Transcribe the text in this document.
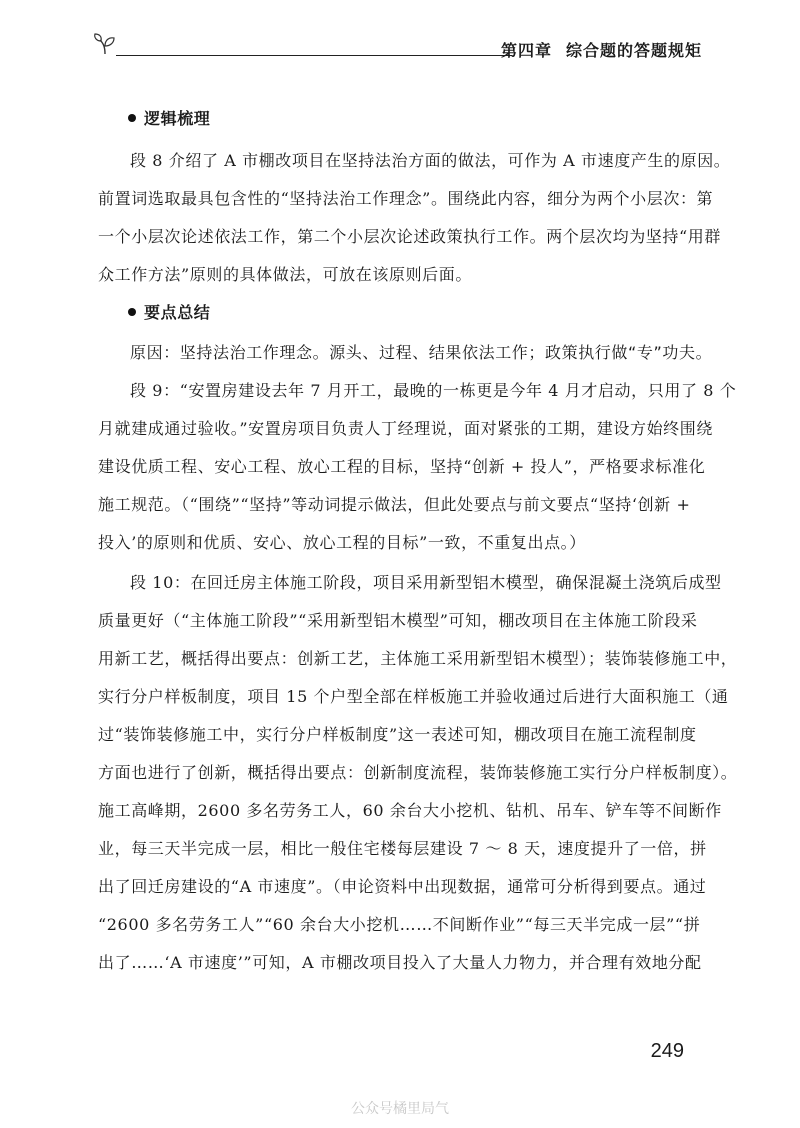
第四章 综合题的答题规矩
逻辑梳理
段 8 介绍了 A 市棚改项目在坚持法治方面的做法，可作为 A 市速度产生的原因。
前置词选取最具包含性的“坚持法治工作理念”。围绕此内容，细分为两个小层次：第
一个小层次论述依法工作，第二个小层次论述政策执行工作。两个层次均为坚持“用群
众工作方法”原则的具体做法，可放在该原则后面。
要点总结
原因：坚持法治工作理念。源头、过程、结果依法工作；政策执行做“专”功夫。
段 9：“安置房建设去年 7 月开工，最晚的一栋更是今年 4 月才启动，只用了 8 个
月就建成通过验收。”安置房项目负责人丁经理说，面对紧张的工期，建设方始终围绕
建设优质工程、安心工程、放心工程的目标，坚持“创新 + 投人”，严格要求标准化
施工规范。（“围绕”“坚持”等动词提示做法，但此处要点与前文要点“坚持‘创新 +
投入’的原则和优质、安心、放心工程的目标”一致，不重复出点。）
段 10：在回迁房主体施工阶段，项目采用新型铝木模型，确保混凝土浇筑后成型
质量更好（“主体施工阶段”“采用新型铝木模型”可知，棚改项目在主体施工阶段采
用新工艺，概括得出要点：创新工艺，主体施工采用新型铝木模型）；装饰装修施工中，
实行分户样板制度，项目 15 个户型全部在样板施工并验收通过后进行大面积施工（通
过“装饰装修施工中，实行分户样板制度”这一表述可知，棚改项目在施工流程制度
方面也进行了创新，概括得出要点：创新制度流程，装饰装修施工实行分户样板制度）。
施工高峰期，2600 多名劳务工人，60 余台大小挖机、钻机、吊车、铲车等不间断作
业，每三天半完成一层，相比一般住宅楼每层建设 7 ～ 8 天，速度提升了一倍，拼
出了回迁房建设的“A 市速度”。（申论资料中出现数据，通常可分析得到要点。通过
“2600 多名劳务工人”“60 余台大小挖机……不间断作业”“每三天半完成一层”“拼
出了……‘A 市速度’”可知，A 市棚改项目投入了大量人力物力，并合理有效地分配
249
公众号橘里局气
